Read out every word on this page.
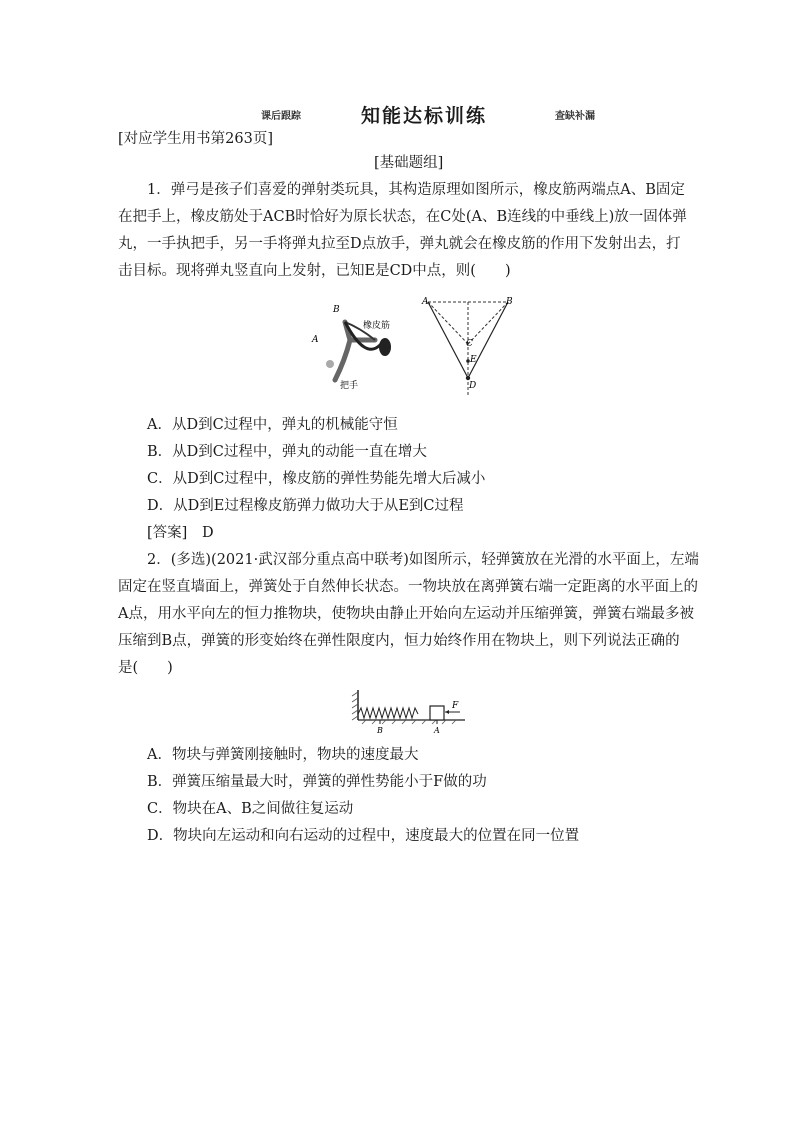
课后跟踪	知能达标训练	查缺补漏
[对应学生用书第263页]
[基础题组]
1．弹弓是孩子们喜爱的弹射类玩具，其构造原理如图所示，橡皮筋两端点A、B固定
在把手上，橡皮筋处于ACB时恰好为原长状态，在C处(A、B连线的中垂线上)放一固体弹
丸，一手执把手，另一手将弹丸拉至D点放手，弹丸就会在橡皮筋的作用下发射出去，打
击目标。现将弹丸竖直向上发射，已知E是CD中点，则(　　)
B
A
橡皮筋
把手
A	B
C
E
D
A．从D到C过程中，弹丸的机械能守恒
B．从D到C过程中，弹丸的动能一直在增大
C．从D到C过程中，橡皮筋的弹性势能先增大后减小
D．从D到E过程橡皮筋弹力做功大于从E到C过程
[答案] D
2．(多选)(2021·武汉部分重点高中联考)如图所示，轻弹簧放在光滑的水平面上，左端
固定在竖直墙面上，弹簧处于自然伸长状态。一物块放在离弹簧右端一定距离的水平面上的
A点，用水平向左的恒力推物块，使物块由静止开始向左运动并压缩弹簧，弹簧右端最多被
压缩到B点，弹簧的形变始终在弹性限度内，恒力始终作用在物块上，则下列说法正确的
是(　　)
F
B	A
A．物块与弹簧刚接触时，物块的速度最大
B．弹簧压缩量最大时，弹簧的弹性势能小于F做的功
C．物块在A、B之间做往复运动
D．物块向左运动和向右运动的过程中，速度最大的位置在同一位置
